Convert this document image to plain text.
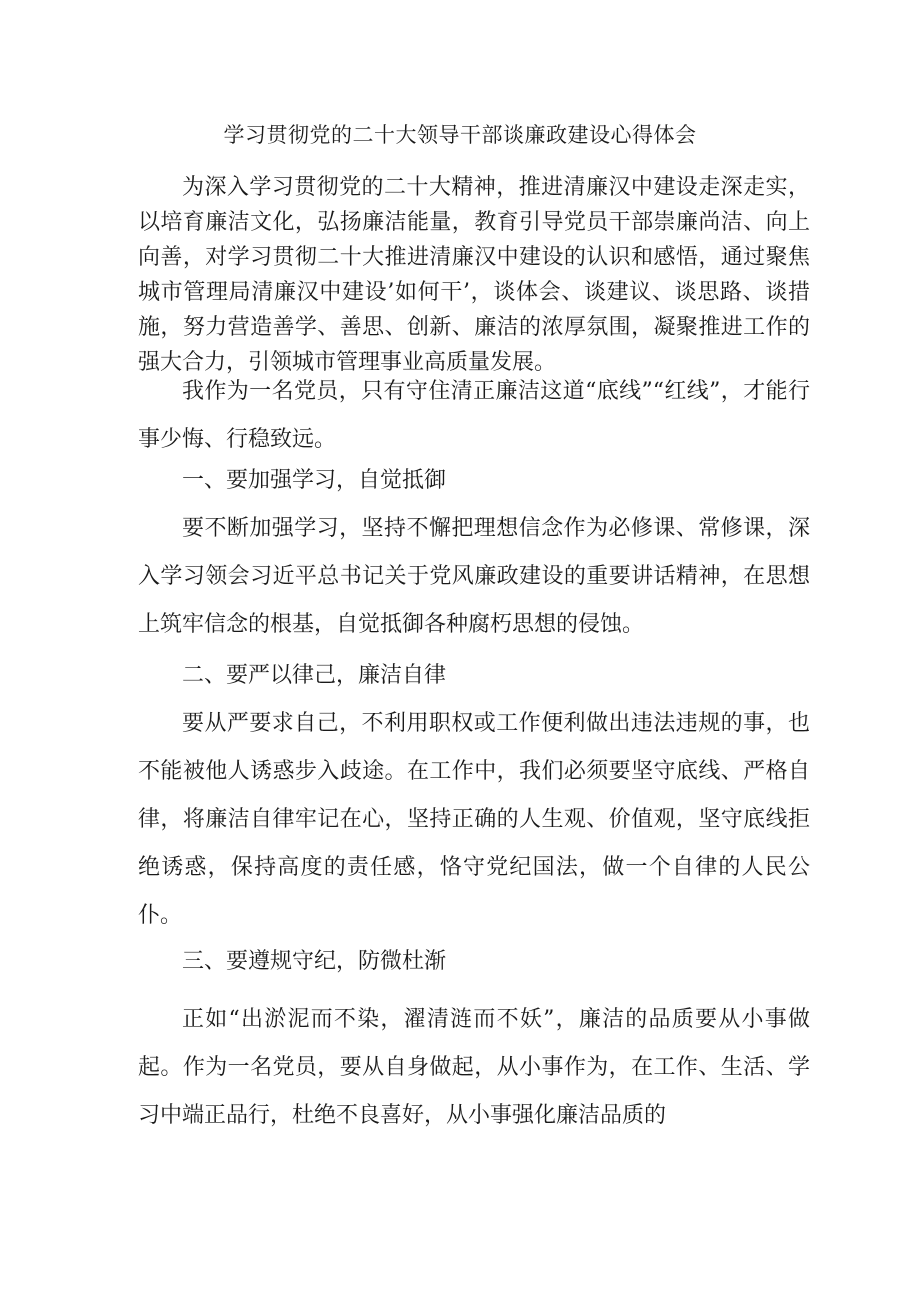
学习贯彻党的二十大领导干部谈廉政建设心得体会

为深入学习贯彻党的二十大精神，推进清廉汉中建设走深走实，以培育廉洁文化，弘扬廉洁能量，教育引导党员干部崇廉尚洁、向上向善，对学习贯彻二十大推进清廉汉中建设的认识和感悟，通过聚焦城市管理局清廉汉中建设’如何干’，谈体会、谈建议、谈思路、谈措施，努力营造善学、善思、创新、廉洁的浓厚氛围，凝聚推进工作的强大合力，引领城市管理事业高质量发展。

我作为一名党员，只有守住清正廉洁这道“底线”“红线”，才能行事少悔、行稳致远。

一、要加强学习，自觉抵御

要不断加强学习，坚持不懈把理想信念作为必修课、常修课，深入学习领会习近平总书记关于党风廉政建设的重要讲话精神，在思想上筑牢信念的根基，自觉抵御各种腐朽思想的侵蚀。

二、要严以律己，廉洁自律

要从严要求自己，不利用职权或工作便利做出违法违规的事，也不能被他人诱惑步入歧途。在工作中，我们必须要坚守底线、严格自律，将廉洁自律牢记在心，坚持正确的人生观、价值观，坚守底线拒绝诱惑，保持高度的责任感，恪守党纪国法，做一个自律的人民公仆。

三、要遵规守纪，防微杜渐

正如“出淤泥而不染，濯清涟而不妖”，廉洁的品质要从小事做起。作为一名党员，要从自身做起，从小事作为，在工作、生活、学习中端正品行，杜绝不良喜好，从小事强化廉洁品质的
